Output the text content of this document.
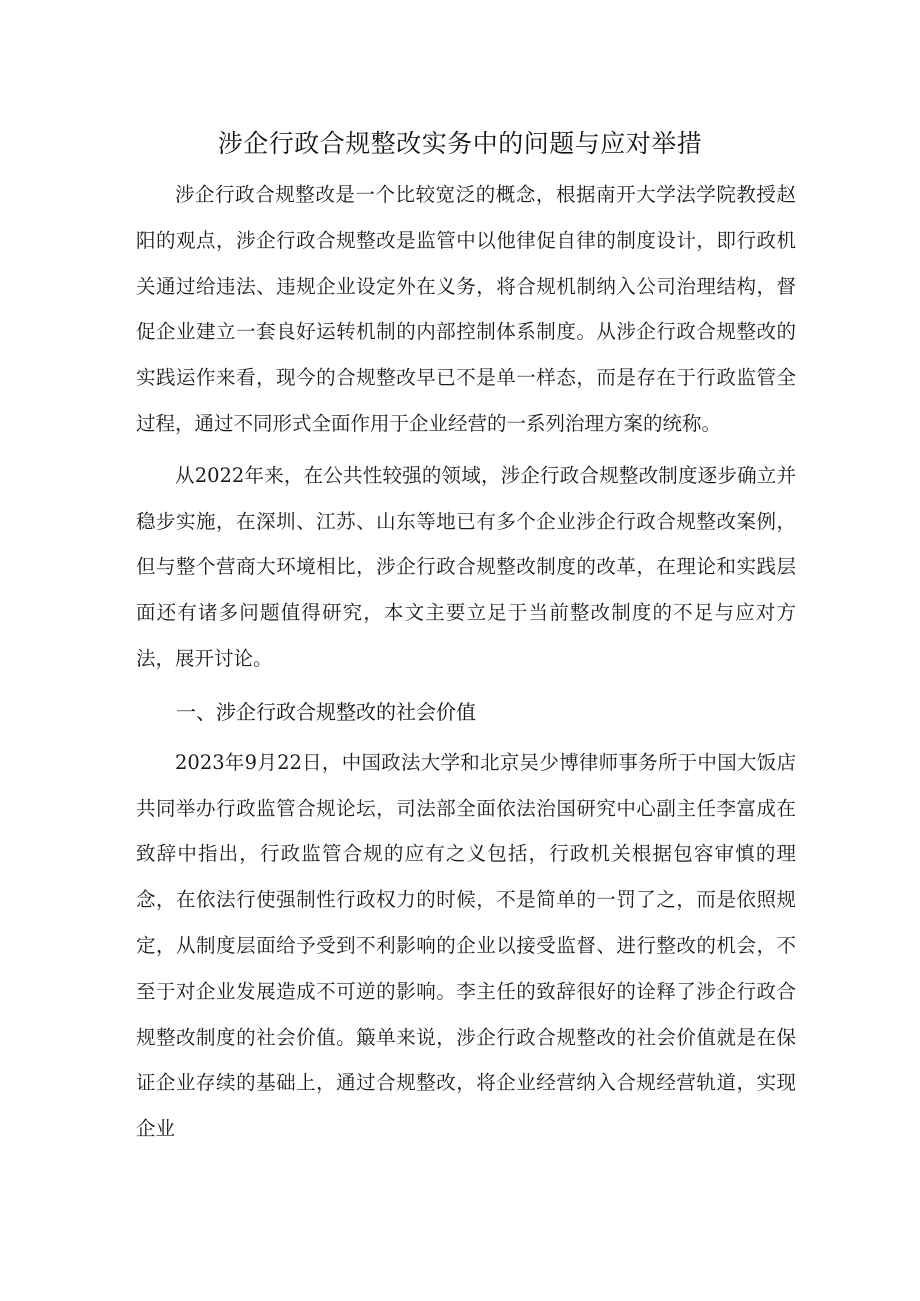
涉企行政合规整改实务中的问题与应对举措

涉企行政合规整改是一个比较宽泛的概念，根据南开大学法学院教授赵阳的观点，涉企行政合规整改是监管中以他律促自律的制度设计，即行政机关通过给违法、违规企业设定外在义务，将合规机制纳入公司治理结构，督促企业建立一套良好运转机制的内部控制体系制度。从涉企行政合规整改的实践运作来看，现今的合规整改早已不是单一样态，而是存在于行政监管全过程，通过不同形式全面作用于企业经营的一系列治理方案的统称。

从2022年来，在公共性较强的领域，涉企行政合规整改制度逐步确立并稳步实施，在深圳、江苏、山东等地已有多个企业涉企行政合规整改案例，但与整个营商大环境相比，涉企行政合规整改制度的改革，在理论和实践层面还有诸多问题值得研究，本文主要立足于当前整改制度的不足与应对方法，展开讨论。

一、涉企行政合规整改的社会价值

2023年9月22日，中国政法大学和北京吴少博律师事务所于中国大饭店共同举办行政监管合规论坛，司法部全面依法治国研究中心副主任李富成在致辞中指出，行政监管合规的应有之义包括，行政机关根据包容审慎的理念，在依法行使强制性行政权力的时候，不是简单的一罚了之，而是依照规定，从制度层面给予受到不利影响的企业以接受监督、进行整改的机会，不至于对企业发展造成不可逆的影响。李主任的致辞很好的诠释了涉企行政合规整改制度的社会价值。簸单来说，涉企行政合规整改的社会价值就是在保证企业存续的基础上，通过合规整改，将企业经营纳入合规经营轨道，实现企业
